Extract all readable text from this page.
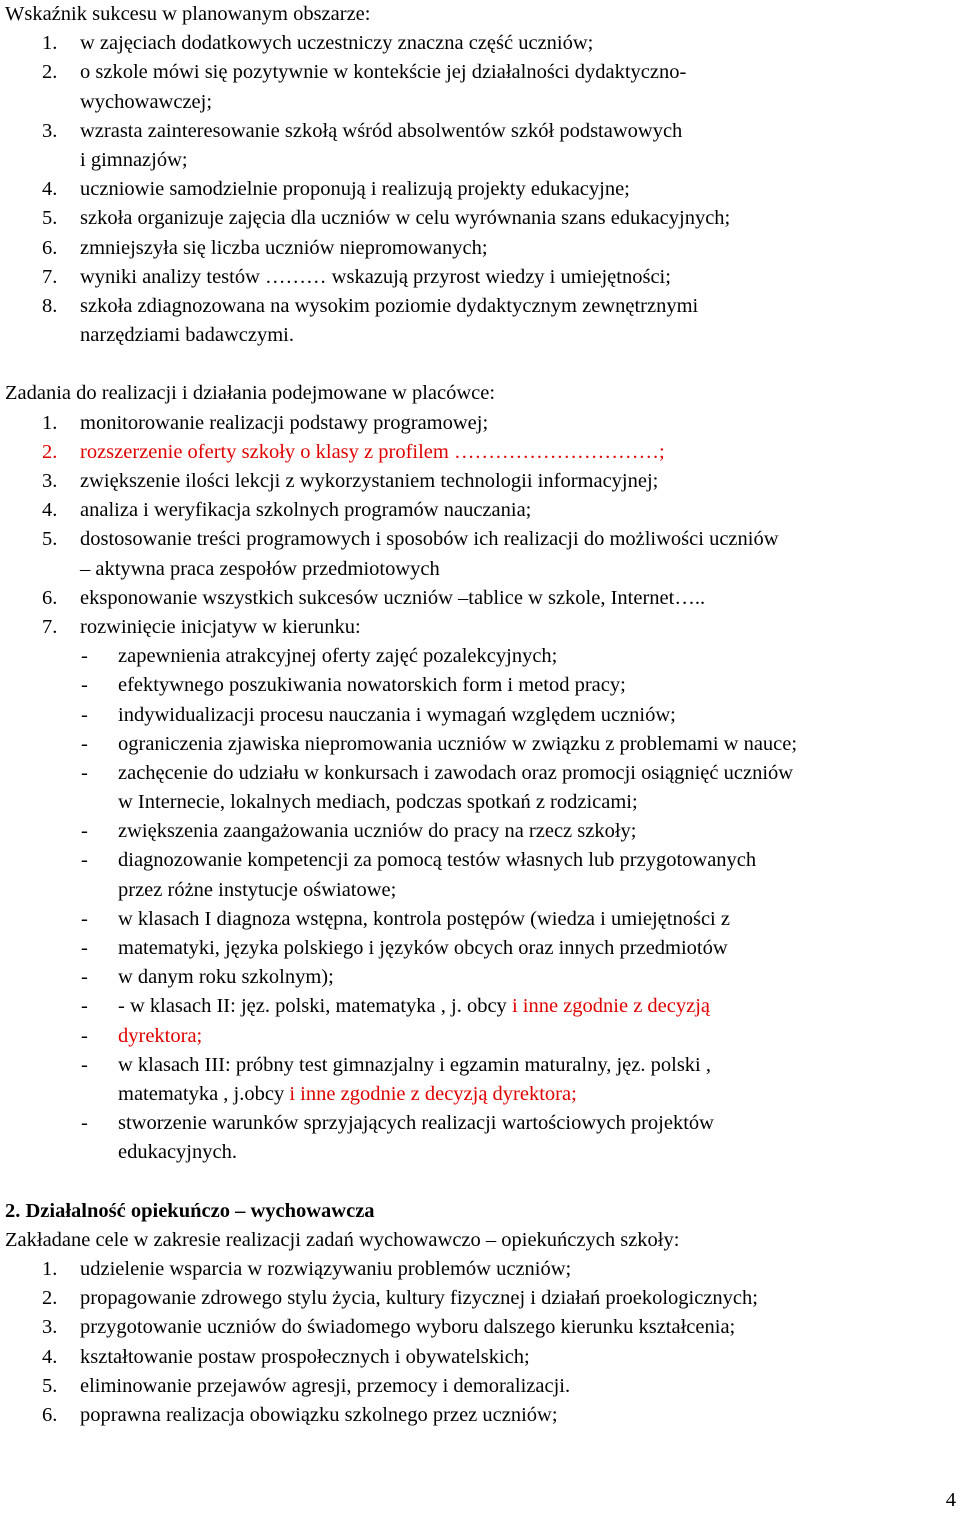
Wskaźnik sukcesu w planowanym obszarze:
1. w zajęciach dodatkowych uczestniczy znaczna część uczniów;
2. o szkole mówi się pozytywnie w kontekście jej działalności dydaktyczno-
wychowawczej;
3. wzrasta zainteresowanie szkołą wśród absolwentów szkół podstawowych
i gimnazjów;
4. uczniowie samodzielnie proponują i realizują projekty edukacyjne;
5. szkoła organizuje zajęcia dla uczniów w celu wyrównania szans edukacyjnych;
6. zmniejszyła się liczba uczniów niepromowanych;
7. wyniki analizy testów ……… wskazują przyrost wiedzy i umiejętności;
8. szkoła zdiagnozowana na wysokim poziomie dydaktycznym zewnętrznymi
narzędziami badawczymi.
Zadania do realizacji i działania podejmowane w placówce:
1. monitorowanie realizacji podstawy programowej;
2. rozszerzenie oferty szkoły o klasy z profilem …………………………;
3. zwiększenie ilości lekcji z wykorzystaniem technologii informacyjnej;
4. analiza i weryfikacja szkolnych programów nauczania;
5. dostosowanie treści programowych i sposobów ich realizacji do możliwości uczniów
– aktywna praca zespołów przedmiotowych
6. eksponowanie wszystkich sukcesów uczniów –tablice w szkole, Internet…..
7. rozwinięcie inicjatyw w kierunku:
- zapewnienia atrakcyjnej oferty zajęć pozalekcyjnych;
- efektywnego poszukiwania nowatorskich form i metod pracy;
- indywidualizacji procesu nauczania i wymagań względem uczniów;
- ograniczenia zjawiska niepromowania uczniów w związku z problemami w nauce;
- zachęcenie do udziału w konkursach i zawodach oraz promocji osiągnięć uczniów
w Internecie, lokalnych mediach, podczas spotkań z rodzicami;
- zwiększenia zaangażowania uczniów do pracy na rzecz szkoły;
- diagnozowanie kompetencji za pomocą testów własnych lub przygotowanych
przez różne instytucje oświatowe;
- w klasach I diagnoza wstępna, kontrola postępów (wiedza i umiejętności z
- matematyki, języka polskiego i języków obcych oraz innych przedmiotów
- w danym roku szkolnym);
- - w klasach II: jęz. polski, matematyka , j. obcy i inne zgodnie z decyzją
- dyrektora;
- w klasach III: próbny test gimnazjalny i egzamin maturalny, jęz. polski ,
matematyka , j.obcy i inne zgodnie z decyzją dyrektora;
- stworzenie warunków sprzyjających realizacji wartościowych projektów
edukacyjnych.
2. Działalność opiekuńczo – wychowawcza
Zakładane cele w zakresie realizacji zadań wychowawczo – opiekuńczych szkoły:
1. udzielenie wsparcia w rozwiązywaniu problemów uczniów;
2. propagowanie zdrowego stylu życia, kultury fizycznej i działań proekologicznych;
3. przygotowanie uczniów do świadomego wyboru dalszego kierunku kształcenia;
4. kształtowanie postaw prospołecznych i obywatelskich;
5. eliminowanie przejawów agresji, przemocy i demoralizacji.
6. poprawna realizacja obowiązku szkolnego przez uczniów;
4
